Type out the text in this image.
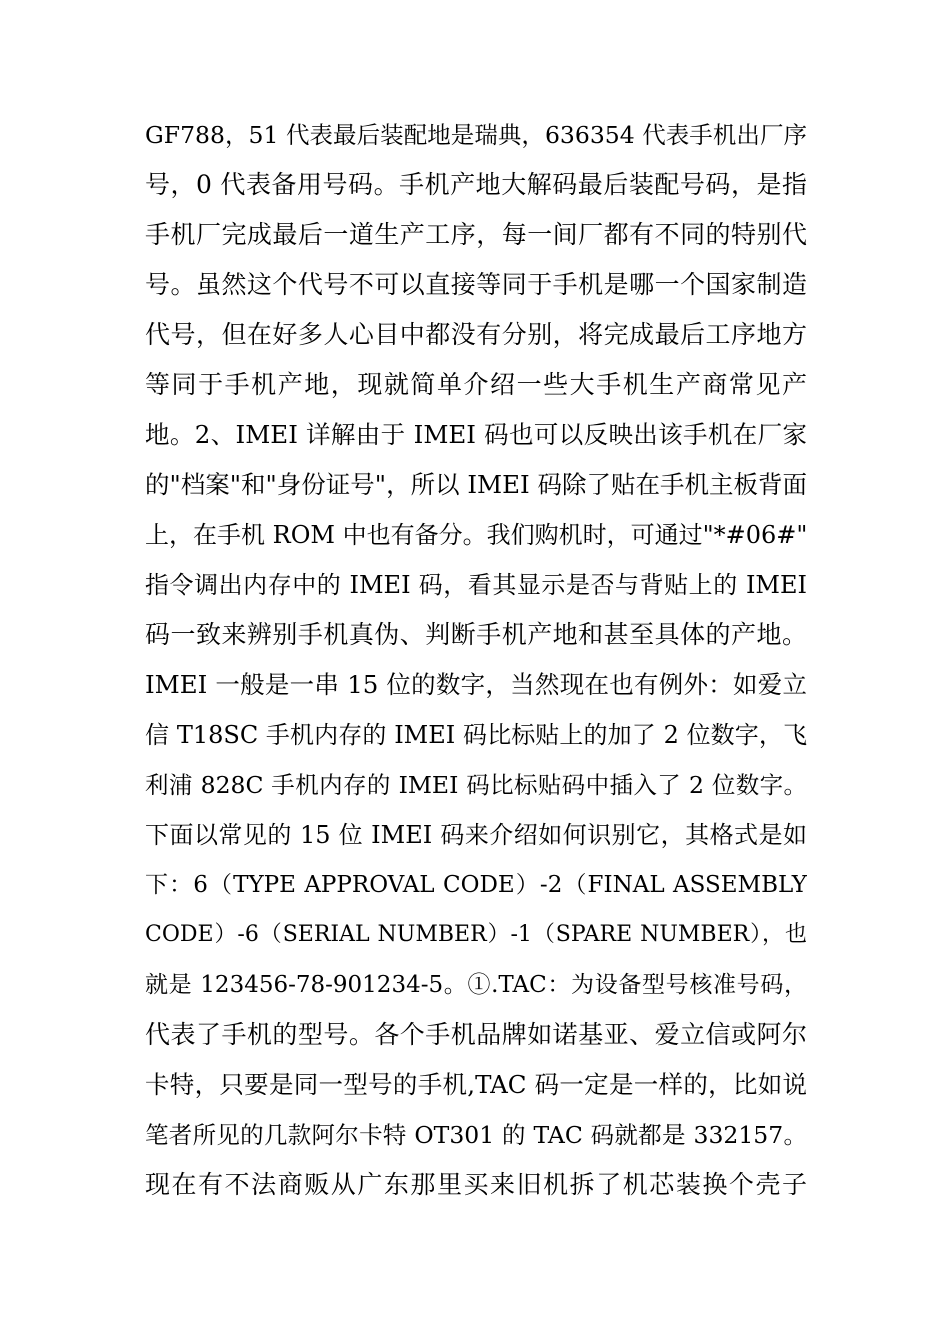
GF788，51 代表最后装配地是瑞典，636354 代表手机出厂序
号，0 代表备用号码。手机产地大解码最后装配号码，是指
手机厂完成最后一道生产工序，每一间厂都有不同的特别代
号。虽然这个代号不可以直接等同于手机是哪一个国家制造
代号，但在好多人心目中都没有分别，将完成最后工序地方
等同于手机产地，现就简单介绍一些大手机生产商常见产
地。2、IMEI 详解由于 IMEI 码也可以反映出该手机在厂家
的"档案"和"身份证号"，所以 IMEI 码除了贴在手机主板背面
上，在手机 ROM 中也有备分。我们购机时，可通过"*#06#"
指令调出内存中的 IMEI 码，看其显示是否与背贴上的 IMEI
码一致来辨别手机真伪、判断手机产地和甚至具体的产地。
IMEI 一般是一串 15 位的数字，当然现在也有例外：如爱立
信 T18SC 手机内存的 IMEI 码比标贴上的加了 2 位数字，飞
利浦 828C 手机内存的 IMEI 码比标贴码中插入了 2 位数字。
下面以常见的 15 位 IMEI 码来介绍如何识别它，其格式是如
下：6（TYPE APPROVAL CODE）-2（FINAL ASSEMBLY
CODE）-6（SERIAL NUMBER）-1（SPARE NUMBER），也
就是 123456-78-901234-5。①.TAC：为设备型号核准号码，
代表了手机的型号。各个手机品牌如诺基亚、爱立信或阿尔
卡特，只要是同一型号的手机,TAC 码一定是一样的，比如说
笔者所见的几款阿尔卡特 OT301 的 TAC 码就都是 332157。
现在有不法商贩从广东那里买来旧机拆了机芯装换个壳子
